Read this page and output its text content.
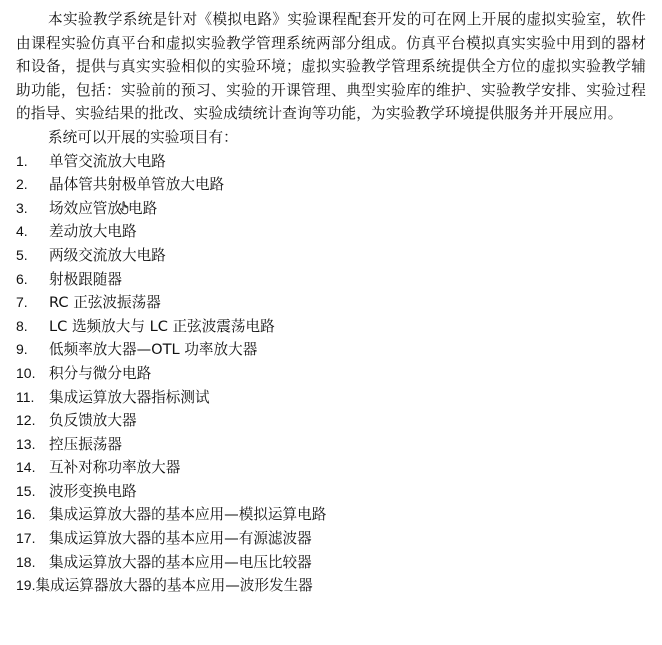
本实验教学系统是针对《模拟电路》实验课程配套开发的可在网上开展的虚拟实验室，软件由课程实验仿真平台和虚拟实验教学管理系统两部分组成。仿真平台模拟真实实验中用到的器材和设备，提供与真实实验相似的实验环境；虚拟实验教学管理系统提供全方位的虚拟实验教学辅助功能，包括：实验前的预习、实验的开课管理、典型实验库的维护、实验教学安排、实验过程的指导、实验结果的批改、实验成绩统计查询等功能，为实验教学环境提供服务并开展应用。

系统可以开展的实验项目有：

1.	单管交流放大电路
2.	晶体管共射极单管放大电路
3.	场效应管放 电路
4.	差动放大电路
5.	两级交流放大电路
6.	射极跟随器
7.	RC 正弦波振荡器
8.	LC 选频放大与 LC 正弦波震荡电路
9.	低频率放大器—OTL 功率放大器
10. 积分与微分电路
11. 集成运算放大器指标测试
12. 负反馈放大器
13. 控压振荡器
14. 互补对称功率放大器
15. 波形变换电路
16. 集成运算放大器的基本应用—模拟运算电路
17. 集成运算放大器的基本应用—有源滤波器
18. 集成运算放大器的基本应用—电压比较器
19. 集成运算器放大器的基本应用—波形发生器
